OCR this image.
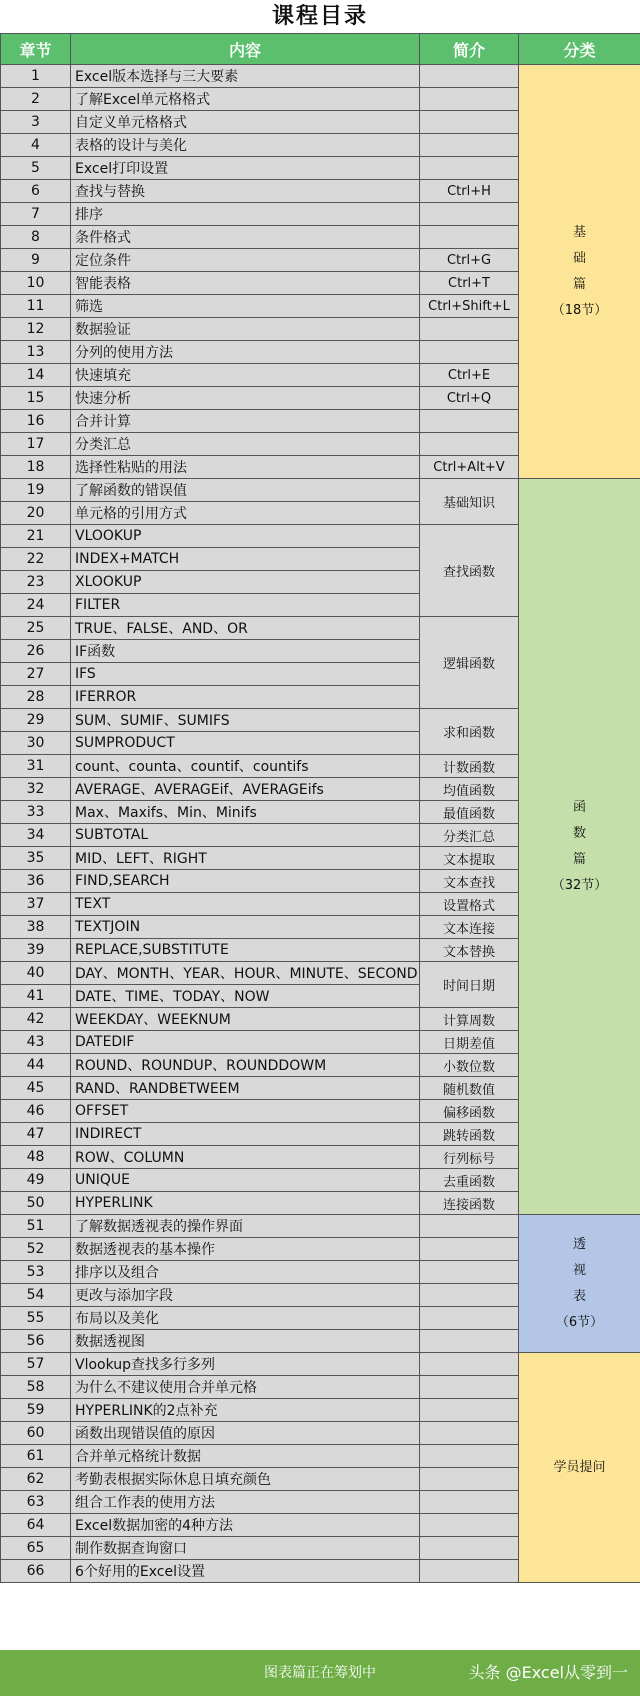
课程目录
章节	内容	简介	分类
1	Excel版本选择与三大要素		基础篇
（18节）

2	了解Excel单元格格式		
3	自定义单元格格式		
4	表格的设计与美化		
5	Excel打印设置		
6	查找与替换	Ctrl+H	
7	排序		
8	条件格式		
9	定位条件	Ctrl+G	
10	智能表格	Ctrl+T	
11	筛选	Ctrl+Shift+L	
12	数据验证		
13	分列的使用方法		
14	快速填充	Ctrl+E	
15	快速分析	Ctrl+Q	
16	合并计算		
17	分类汇总		
18	选择性粘贴的用法	Ctrl+Alt+V	
19	了解函数的错误值	基础知识	函数篇
（32节）

20	单元格的引用方式		
21	VLOOKUP	查找函数	
22	INDEX+MATCH		
23	XLOOKUP		
24	FILTER		
25	TRUE、FALSE、AND、OR	逻辑函数	
26	IF函数		
27	IFS		
28	IFERROR		
29	SUM、SUMIF、SUMIFS	求和函数	
30	SUMPRODUCT		
31	count、counta、countif、countifs	计数函数	
32	AVERAGE、AVERAGEif、AVERAGEifs	均值函数	
33	Max、Maxifs、Min、Minifs	最值函数	
34	SUBTOTAL	分类汇总	
35	MID、LEFT、RIGHT	文本提取	
36	FIND,SEARCH	文本查找	
37	TEXT	设置格式	
38	TEXTJOIN	文本连接	
39	REPLACE,SUBSTITUTE	文本替换	
40	DAY、MONTH、YEAR、HOUR、MINUTE、SECOND	时间日期	
41	DATE、TIME、TODAY、NOW		
42	WEEKDAY、WEEKNUM	计算周数	
43	DATEDIF	日期差值	
44	ROUND、ROUNDUP、ROUNDDOWM	小数位数	
45	RAND、RANDBETWEEM	随机数值	
46	OFFSET	偏移函数	
47	INDIRECT	跳转函数	
48	ROW、COLUMN	行列标号	
49	UNIQUE	去重函数	
50	HYPERLINK	连接函数	
51	了解数据透视表的操作界面		透视表
（6节）

52	数据透视表的基本操作		
53	排序以及组合		
54	更改与添加字段		
55	布局以及美化		
56	数据透视图		
57	Vlookup查找多行多列		学员提问

58	为什么不建议使用合并单元格		
59	HYPERLINK的2点补充		
60	函数出现错误值的原因		
61	合并单元格统计数据		
62	考勤表根据实际休息日填充颜色		
63	组合工作表的使用方法		
64	Excel数据加密的4种方法		
65	制作数据查询窗口		
66	6个好用的Excel设置		
图表篇正在筹划中	头条 @Excel从零到一
